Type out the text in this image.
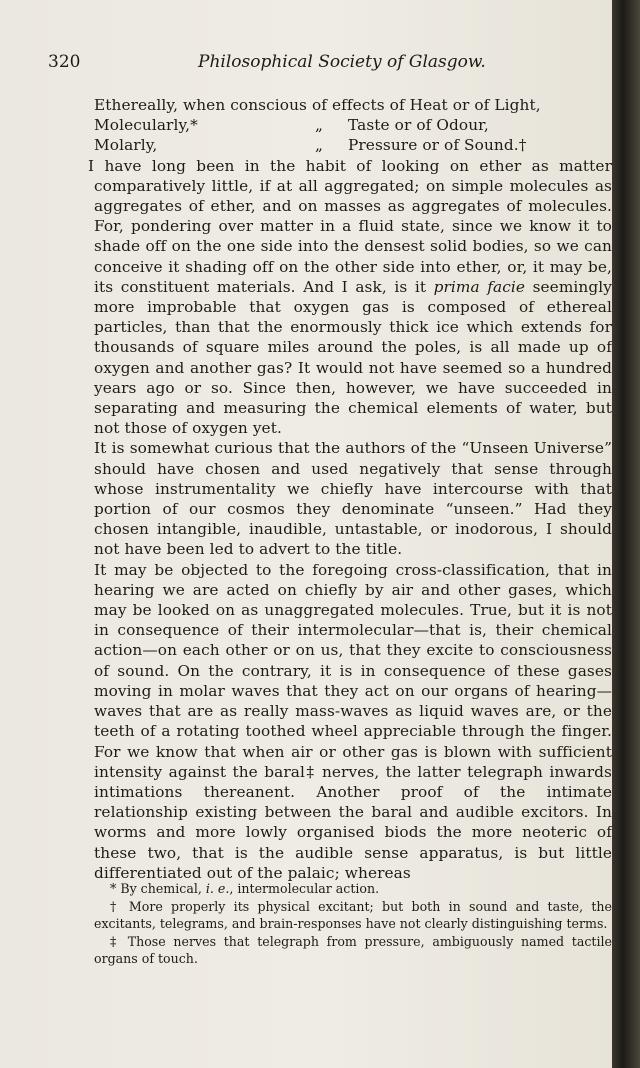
320	Philosophical Society of Glasgow.
Ethereally, when conscious of effects of Heat or of Light,
Molecularly,*	„	Taste or of Odour,
Molarly,	„	Pressure or of Sound.†

I have long been in the habit of looking on ether as matter comparatively little, if at all aggregated; on simple molecules as aggregates of ether, and on masses as aggregates of molecules. For, pondering over matter in a fluid state, since we know it to shade off on the one side into the densest solid bodies, so we can conceive it shading off on the other side into ether, or, it may be, its constituent materials. And I ask, is it prima facie seemingly more improbable that oxygen gas is composed of ethereal particles, than that the enormously thick ice which extends for thousands of square miles around the poles, is all made up of oxygen and another gas? It would not have seemed so a hundred years ago or so. Since then, however, we have succeeded in separating and measuring the chemical elements of water, but not those of oxygen yet.

It is somewhat curious that the authors of the “Unseen Universe” should have chosen and used negatively that sense through whose instrumentality we chiefly have intercourse with that portion of our cosmos they denominate “unseen.” Had they chosen intangible, inaudible, untastable, or inodorous, I should not have been led to advert to the title.

It may be objected to the foregoing cross-classification, that in hearing we are acted on chiefly by air and other gases, which may be looked on as unaggregated molecules. True, but it is not in consequence of their intermolecular—that is, their chemical action—on each other or on us, that they excite to consciousness of sound. On the contrary, it is in consequence of these gases moving in molar waves that they act on our organs of hearing—waves that are as really mass-waves as liquid waves are, or the teeth of a rotating toothed wheel appreciable through the finger. For we know that when air or other gas is blown with sufficient intensity against the baral‡ nerves, the latter telegraph inwards intimations thereanent. Another proof of the intimate relationship existing between the baral and audible excitors. In worms and more lowly organised biods the more neoteric of these two, that is the audible sense apparatus, is but little differentiated out of the palaic; whereas

* By chemical, i. e., intermolecular action.

† More properly its physical excitant; but both in sound and taste, the excitants, telegrams, and brain-responses have not clearly distinguishing terms.

‡ Those nerves that telegraph from pressure, ambiguously named tactile organs of touch.
